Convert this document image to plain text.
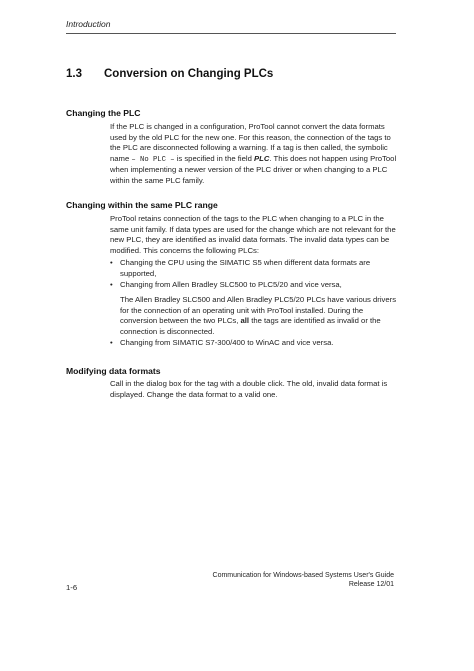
Introduction
1.3 Conversion on Changing PLCs
Changing the PLC

If the PLC is changed in a configuration, ProTool cannot convert the data formats used by the old PLC for the new one. For this reason, the connection of the tags to the PLC are disconnected following a warning. If a tag is then called, the symbolic name – No PLC – is specified in the field PLC. This does not happen using ProTool when implementing a newer version of the PLC driver or when changing to a PLC within the same PLC family.

Changing within the same PLC range

ProTool retains connection of the tags to the PLC when changing to a PLC in the same unit family. If data types are used for the change which are not relevant for the new PLC, they are identified as invalid data formats. The invalid data types can be modified. This concerns the following PLCs:

• Changing the CPU using the SIMATIC S5 when different data formats are supported,
• Changing from Allen Bradley SLC500 to PLC5/20 and vice versa,

The Allen Bradley SLC500 and Allen Bradley PLC5/20 PLCs have various drivers for the connection of an operating unit with ProTool installed. During the conversion between the two PLCs, all the tags are identified as invalid or the connection is disconnected.

• Changing from SIMATIC S7-300/400 to WinAC and vice versa.
Modifying data formats

Call in the dialog box for the tag with a double click. The old, invalid data format is displayed. Change the data format to a valid one.

1-6
Communication for Windows-based Systems User's Guide
Release 12/01
